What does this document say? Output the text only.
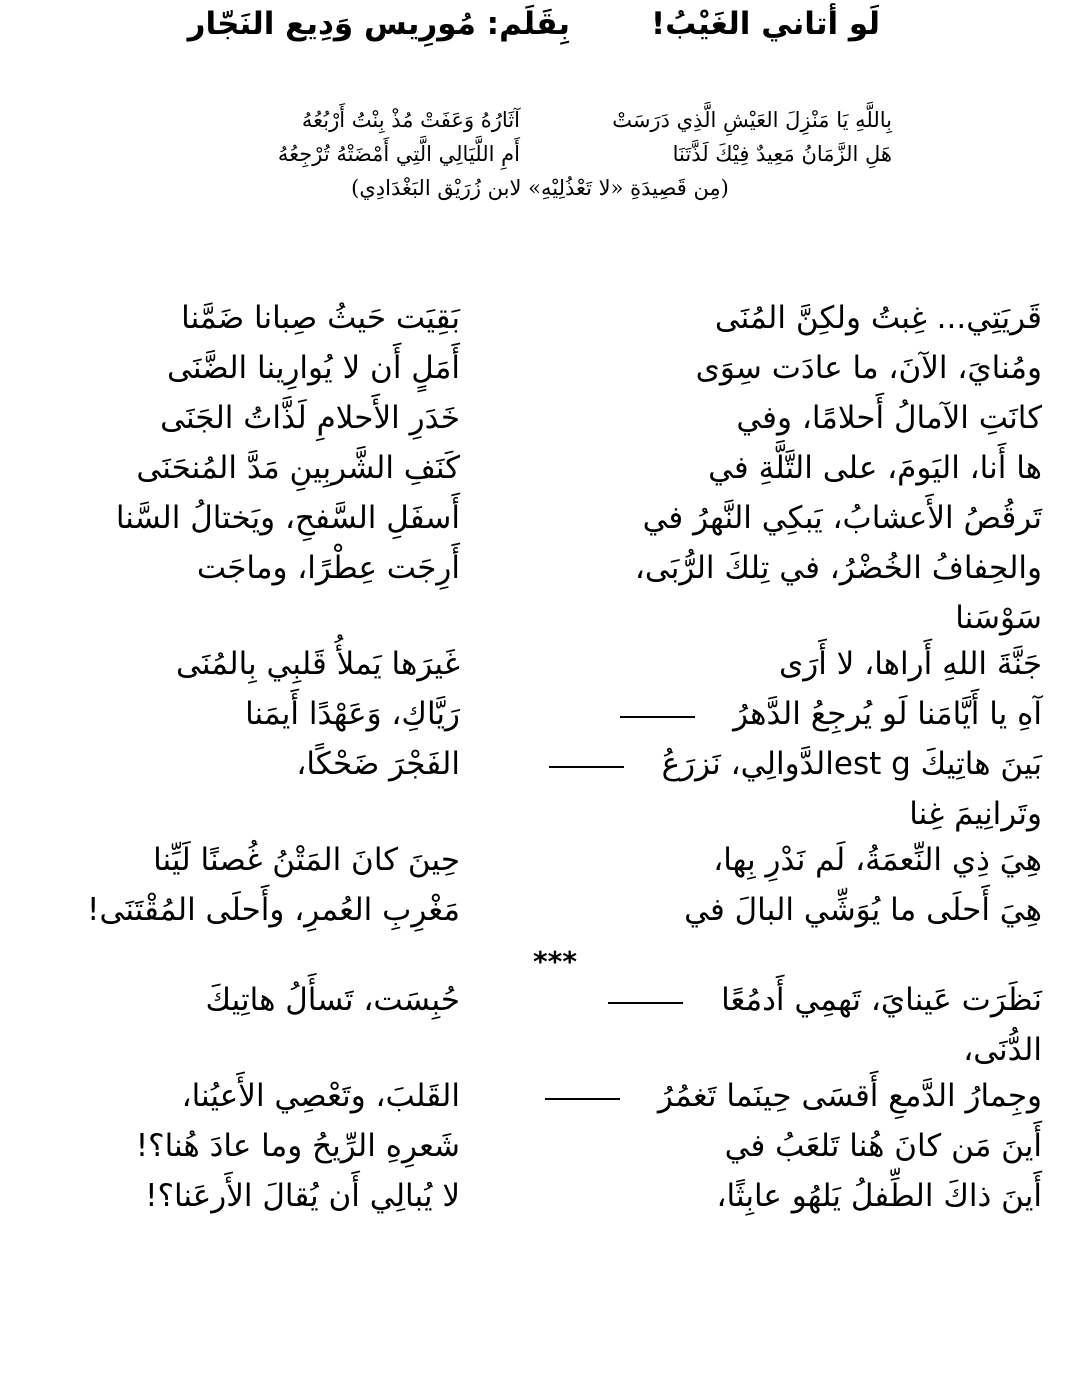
لَو أتاني الغَيْبُ!
بِقَلَم: مُورِيس وَدِيع النَجّار
بِاللَّهِ يَا مَنْزِلَ العَيْشِ الَّذِي دَرَسَتْ
آثَارُهُ وَعَفَتْ مُذْ بِنْتُ أَرْبُعُهُ
هَلِ الزَّمَانُ مَعِيدٌ فِيْكَ لَذَّتَنَا
أَمِ اللَّيَالِي الَّتِي أَمْضَتْهُ تُرْجِعُهُ
(مِن قَصِيدَةِ «لا تَعْذُلِيْهِ» لابن زُرَيْق البَغْدَادِي)
قَريَتِي... غِبتُ ولكِنَّ المُنَى
بَقِيَت حَيثُ صِبانا ضَمَّنا
ومُنايَ، الآنَ، ما عادَت سِوَى
أَمَلٍ أَن لا يُوارِينا الضَّنَى
كانَتِ الآمالُ أَحلامًا، وفي
خَدَرِ الأَحلامِ لَذَّاتُ الجَنَى
ها أَنا، اليَومَ، على التَّلَّةِ في
كَنَفِ الشَّربِينِ مَدَّ المُنحَنَى
تَرقُصُ الأَعشابُ، يَبكِي النَّهرُ في
أَسفَلِ السَّفحِ، ويَختالُ السَّنا
والحِفافُ الخُضْرُ، في تِلكَ الرُّبَى،
أَرِجَت عِطْرًا، وماجَت
سَوْسَنا
جَنَّةَ اللهِ أَراها، لا أَرَى
غَيرَها يَملأُ قَلبِي بِالمُنَى
آهِ يا أَيَّامَنا لَو يُرجِعُ الدَّهرُ
رَيَّاكِ، وَعَهْدًا أَيمَنا
بَينَ هاتِيكَ est gالدَّوالِي، نَزرَعُ
الفَجْرَ ضَحْكًا،
وتَرانِيمَ غِنا
هِيَ ذِي النِّعمَةُ، لَم نَدْرِ بِها،
حِينَ كانَ المَتْنُ غُصنًا لَيِّنا
هِيَ أَحلَى ما يُوَشِّي البالَ في
مَغْرِبِ العُمرِ، وأَحلَى المُقْتَنَى!
***
نَظَرَت عَينايَ، تَهمِي أَدمُعًا
حُبِسَت، تَسأَلُ هاتِيكَ
الدُّنَى،
وجِمارُ الدَّمعِ أَقسَى حِينَما تَغمُرُ
القَلبَ، وتَعْصِي الأَعيُنا،
أَينَ مَن كانَ هُنا تَلعَبُ في
شَعرِهِ الرِّيحُ وما عادَ هُنا؟!
أَينَ ذاكَ الطِّفلُ يَلهُو عابِثًا،
لا يُبالِي أَن يُقالَ الأَرعَنا؟!
